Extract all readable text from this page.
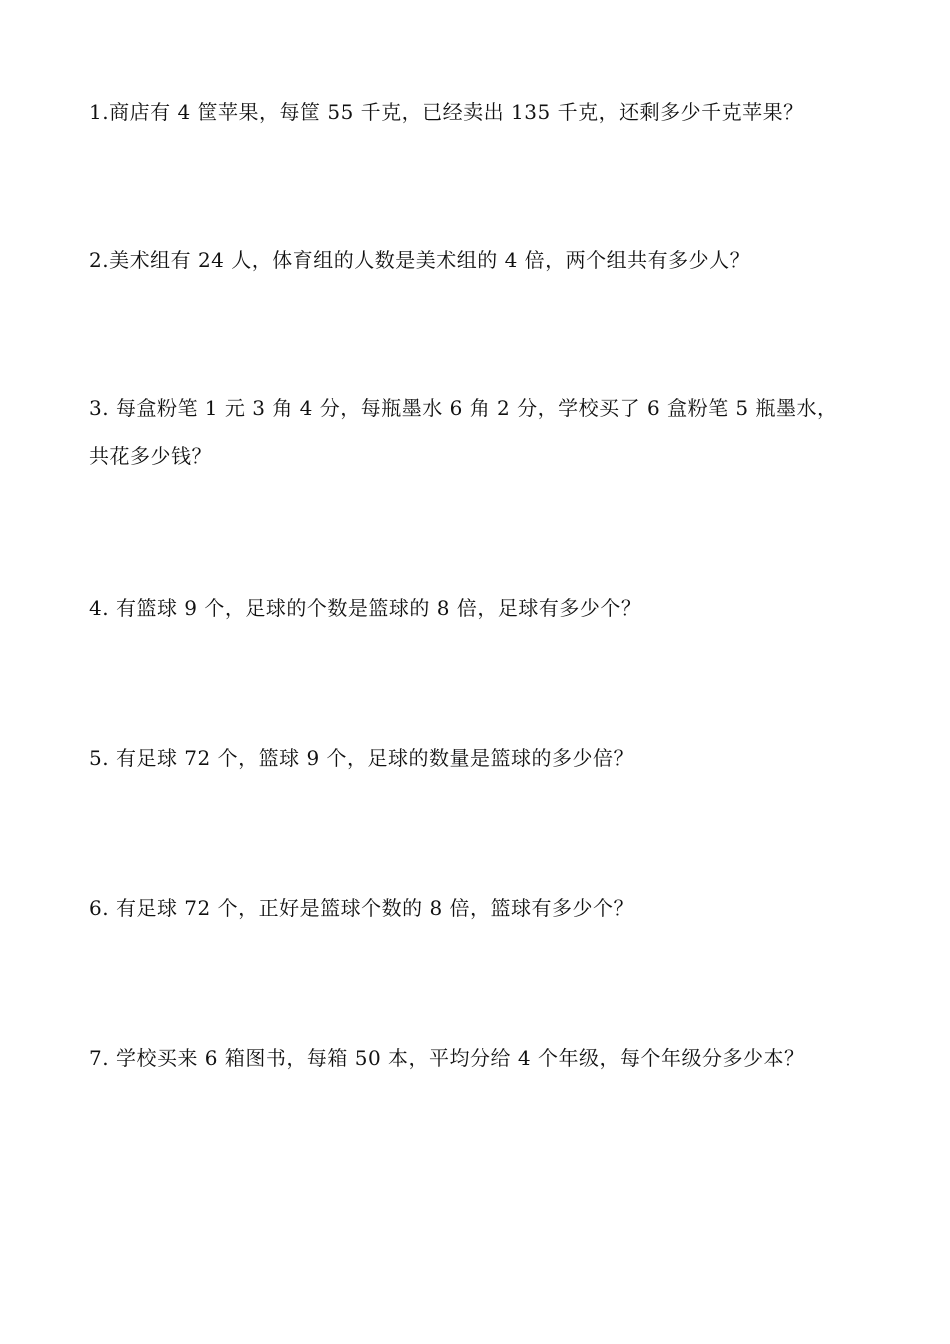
1.商店有 4 筐苹果，每筐 55 千克，已经卖出 135 千克，还剩多少千克苹果？
2.美术组有 24 人，体育组的人数是美术组的 4 倍，两个组共有多少人？
3. 每盒粉笔 1 元 3 角 4 分，每瓶墨水 6 角 2 分，学校买了 6 盒粉笔 5 瓶墨水，
共花多少钱？
4. 有篮球 9 个，足球的个数是篮球的 8 倍，足球有多少个？
5. 有足球 72 个，篮球 9 个，足球的数量是篮球的多少倍？
6. 有足球 72 个，正好是篮球个数的 8 倍，篮球有多少个？
7. 学校买来 6 箱图书，每箱 50 本，平均分给 4 个年级，每个年级分多少本？
